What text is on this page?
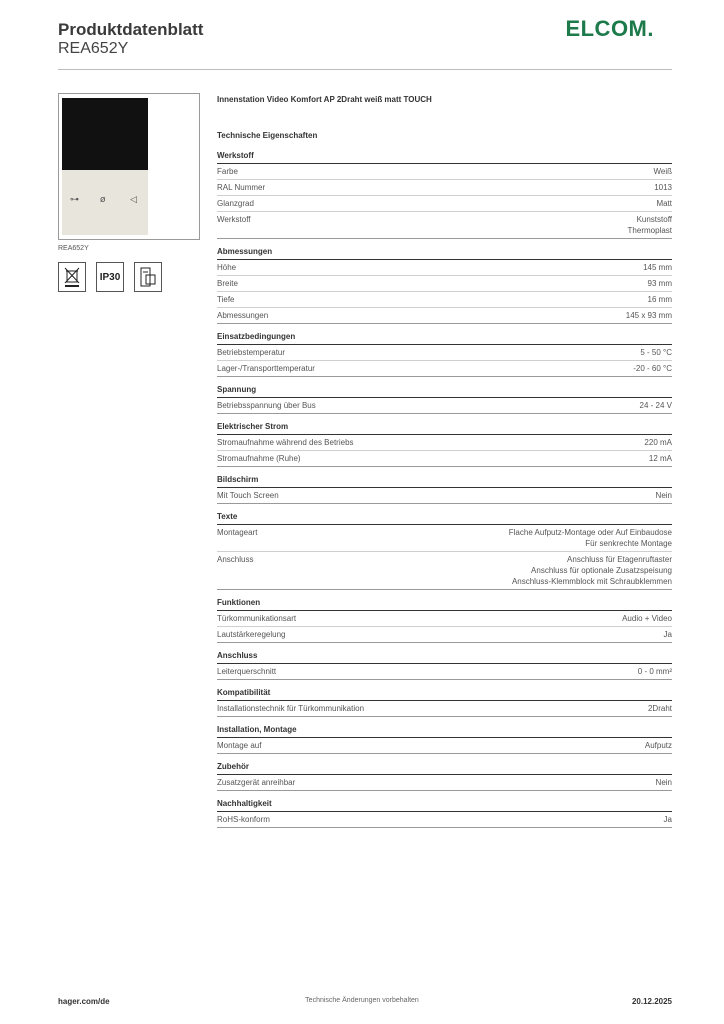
Produktdatenblatt
REA652Y
ELCOM.
⊶ ø	◁
REA652Y
IP30
Innenstation Video Komfort AP 2Draht weiß matt TOUCH
Technische Eigenschaften
Werkstoff
Farbe	Weiß
RAL Nummer	1013
Glanzgrad	Matt
Werkstoff	Kunststoff
Thermoplast
Abmessungen
Höhe	145 mm
Breite	93 mm
Tiefe	16 mm
Abmessungen	145 x 93 mm
Einsatzbedingungen
Betriebstemperatur	5 - 50 °C
Lager-/Transporttemperatur	-20 - 60 °C
Spannung
Betriebsspannung über Bus	24 - 24 V
Elektrischer Strom
Stromaufnahme während des Betriebs	220 mA
Stromaufnahme (Ruhe)	12 mA
Bildschirm
Mit Touch Screen	Nein
Texte
Montageart	Flache Aufputz-Montage oder Auf Einbaudose
Für senkrechte Montage
Anschluss	Anschluss für Etagenruftaster
Anschluss für optionale Zusatzspeisung
Anschluss-Klemmblock mit Schraubklemmen
Funktionen
Türkommunikationsart	Audio + Video
Lautstärkeregelung	Ja
Anschluss
Leiterquerschnitt	0 - 0 mm²
Kompatibilität
Installationstechnik für Türkommunikation	2Draht
Installation, Montage
Montage auf	Aufputz
Zubehör
Zusatzgerät anreihbar	Nein
Nachhaltigkeit
RoHS-konform	Ja
hager.com/de	Technische Änderungen vorbehalten	20.12.2025
